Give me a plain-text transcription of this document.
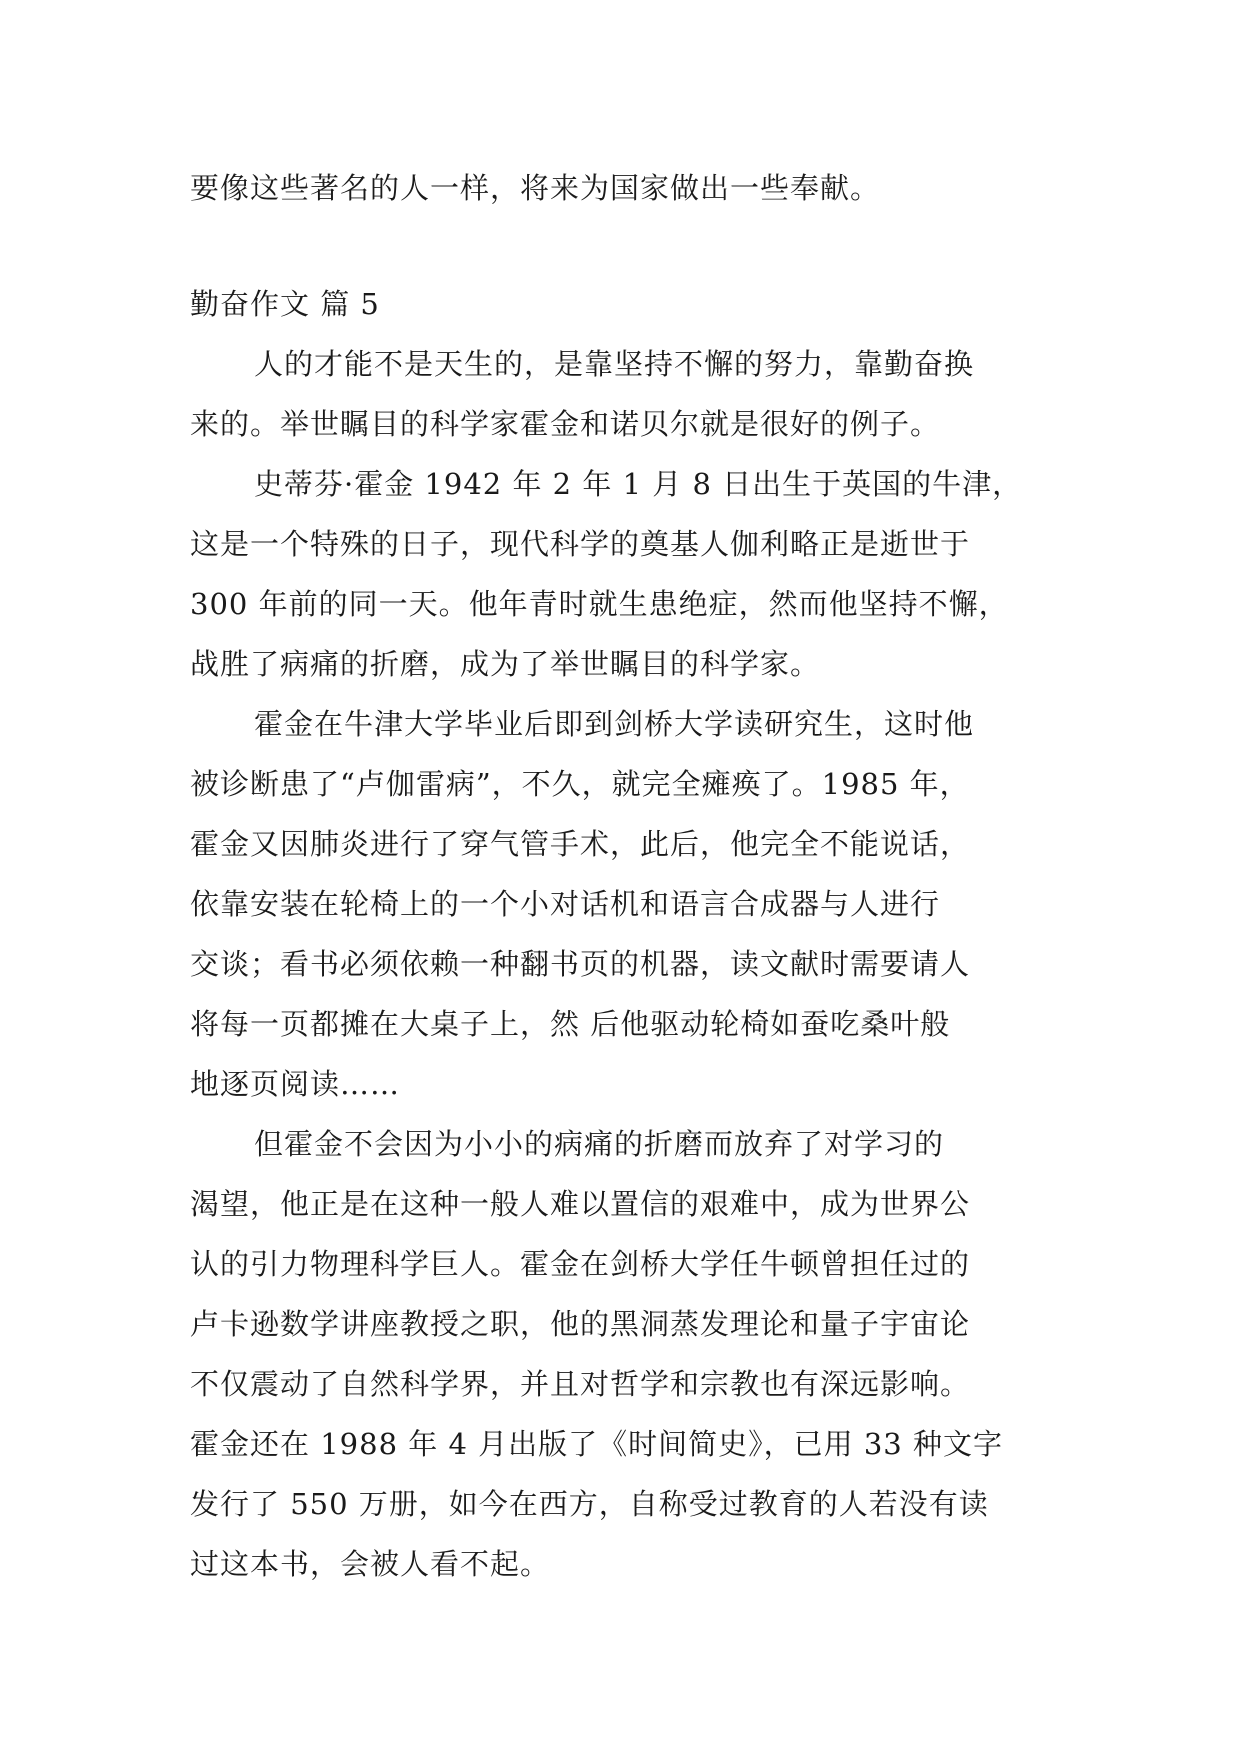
要像这些著名的人一样，将来为国家做出一些奉献。
勤奋作文 篇 5
人的才能不是天生的，是靠坚持不懈的努力，靠勤奋换
来的。举世瞩目的科学家霍金和诺贝尔就是很好的例子。
史蒂芬·霍金 1942 年 2 年 1 月 8 日出生于英国的牛津，
这是一个特殊的日子，现代科学的奠基人伽利略正是逝世于
300 年前的同一天。他年青时就生患绝症，然而他坚持不懈，
战胜了病痛的折磨，成为了举世瞩目的科学家。
霍金在牛津大学毕业后即到剑桥大学读研究生，这时他
被诊断患了“卢伽雷病”，不久，就完全瘫痪了。1985 年，
霍金又因肺炎进行了穿气管手术，此后，他完全不能说话，
依靠安装在轮椅上的一个小对话机和语言合成器与人进行
交谈；看书必须依赖一种翻书页的机器，读文献时需要请人
将每一页都摊在大桌子上，然 后他驱动轮椅如蚕吃桑叶般
地逐页阅读……
但霍金不会因为小小的病痛的折磨而放弃了对学习的
渴望，他正是在这种一般人难以置信的艰难中，成为世界公
认的引力物理科学巨人。霍金在剑桥大学任牛顿曾担任过的
卢卡逊数学讲座教授之职，他的黑洞蒸发理论和量子宇宙论
不仅震动了自然科学界，并且对哲学和宗教也有深远影响。
霍金还在 1988 年 4 月出版了《时间简史》，已用 33 种文字
发行了 550 万册，如今在西方，自称受过教育的人若没有读
过这本书，会被人看不起。
